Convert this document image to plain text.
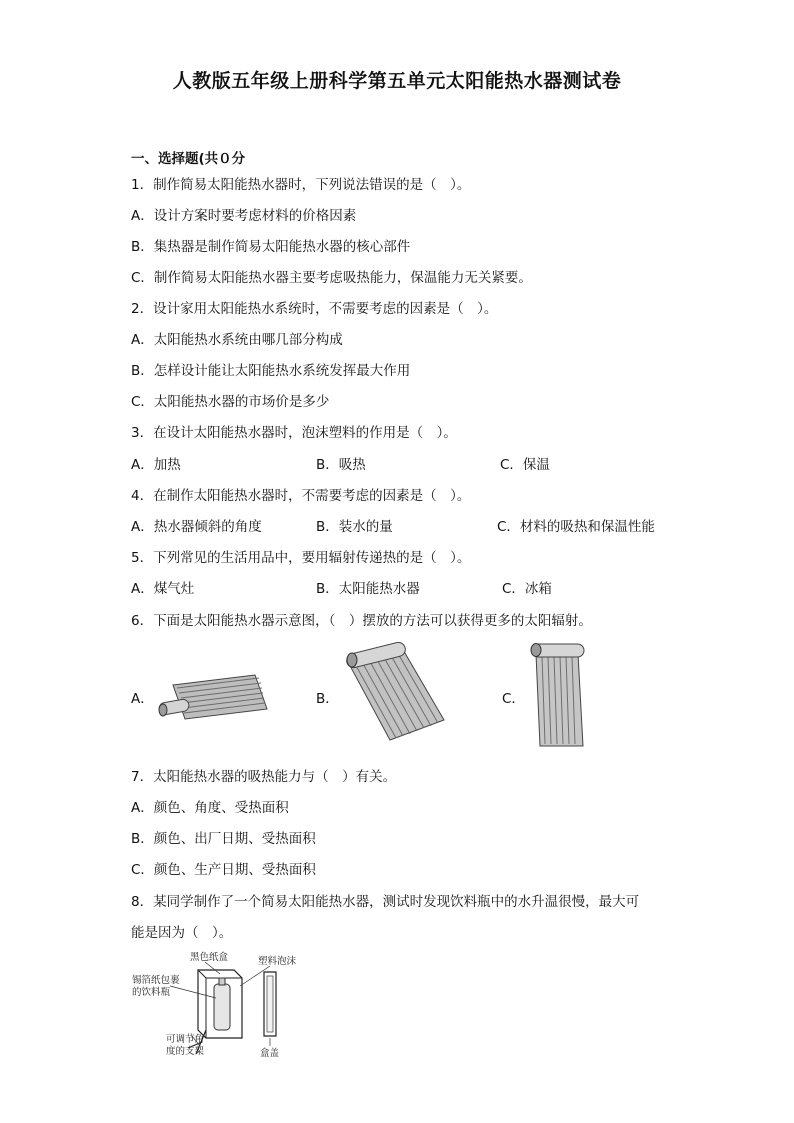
人教版五年级上册科学第五单元太阳能热水器测试卷
一、选择题(共０分
1．制作简易太阳能热水器时，下列说法错误的是（　）。
A．设计方案时要考虑材料的价格因素
B．集热器是制作简易太阳能热水器的核心部件
C．制作简易太阳能热水器主要考虑吸热能力，保温能力无关紧要。
2．设计家用太阳能热水系统时，不需要考虑的因素是（　）。
A．太阳能热水系统由哪几部分构成
B．怎样设计能让太阳能热水系统发挥最大作用
C．太阳能热水器的市场价是多少
3．在设计太阳能热水器时，泡沫塑料的作用是（　）。
A．加热	B．吸热	C．保温
4．在制作太阳能热水器时，不需要考虑的因素是（　）。
A．热水器倾斜的角度	B．装水的量	C．材料的吸热和保温性能
5．下列常见的生活用品中，要用辐射传递热的是（　）。
A．煤气灶	B．太阳能热水器	C．冰箱
6．下面是太阳能热水器示意图，（　）摆放的方法可以获得更多的太阳辐射。
A．	B．	C．
7．太阳能热水器的吸热能力与（　）有关。
A．颜色、角度、受热面积
B．颜色、出厂日期、受热面积
C．颜色、生产日期、受热面积
8．某同学制作了一个简易太阳能热水器，测试时发现饮料瓶中的水升温很慢，最大可
能是因为（　）。
黑色纸盒	塑料泡沫
锡箔纸包裹
的饮料瓶
可调节角
度的支架	盒盖
